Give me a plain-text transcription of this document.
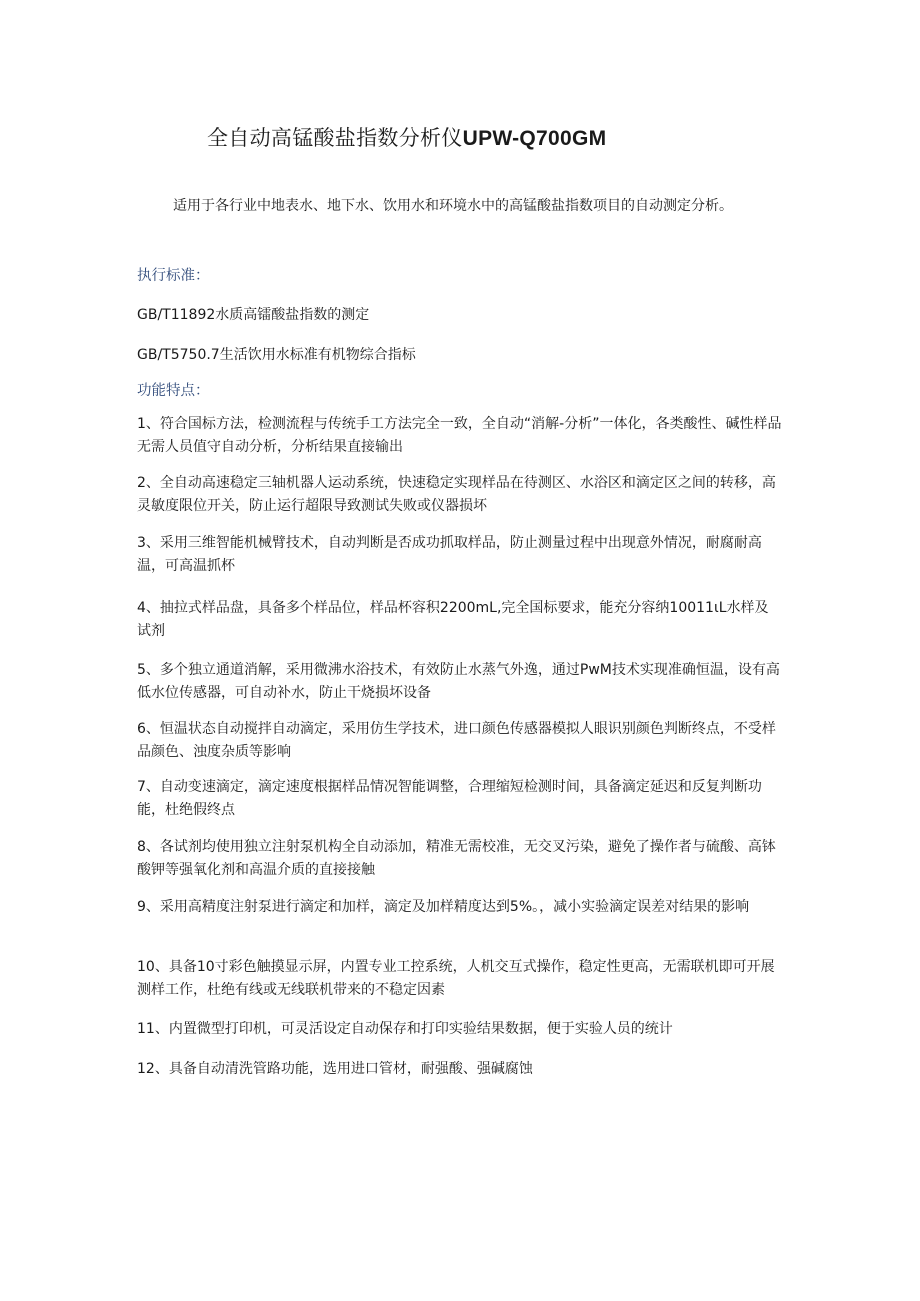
全自动高锰酸盐指数分析仪UPW-Q700GM
适用于各行业中地表水、地下水、饮用水和环境水中的高锰酸盐指数项目的自动测定分析。
执行标准：
GB/T11892水质高镭酸盐指数的测定
GB/T5750.7生活饮用水标准有机物综合指标
功能特点：
1、符合国标方法，检测流程与传统手工方法完全一致，全自动“消解-分析”一体化，各类酸性、碱性样品无需人员值守自动分析，分析结果直接输出
2、全自动高速稳定三轴机器人运动系统，快速稳定实现样品在待测区、水浴区和滴定区之间的转移，高灵敏度限位开关，防止运行超限导致测试失败或仪器损坏
3、采用三维智能机械臂技术，自动判断是否成功抓取样品，防止测量过程中出现意外情况，耐腐耐高温，可高温抓杯
4、抽拉式样品盘，具备多个样品位，样品杯容积2200mL,完全国标要求，能充分容纳10011ιL水样及试剂
5、多个独立通道消解，采用微沸水浴技术，有效防止水蒸气外逸，通过PwM技术实现准确恒温，设有高低水位传感器，可自动补水，防止干烧损坏设备
6、恒温状态自动搅拌自动滴定，采用仿生学技术，进口颜色传感器模拟人眼识别颜色判断终点，不受样品颜色、浊度杂质等影响
7、自动变速滴定，滴定速度根据样品情况智能调整，合理缩短检测时间，具备滴定延迟和反复判断功能，杜绝假终点
8、各试剂均使用独立注射泵机构全自动添加，精准无需校准，无交叉污染，避免了操作者与硫酸、高钵酸钾等强氧化剂和高温介质的直接接触
9、采用高精度注射泵进行滴定和加样，滴定及加样精度达到5%。，减小实验滴定误差对结果的影响
10、具备10寸彩色触摸显示屏，内置专业工控系统，人机交互式操作，稳定性更高，无需联机即可开展测样工作，杜绝有线或无线联机带来的不稳定因素
11、内置微型打印机，可灵活设定自动保存和打印实验结果数据，便于实验人员的统计
12、具备自动清洗管路功能，选用进口管材，耐强酸、强碱腐蚀
